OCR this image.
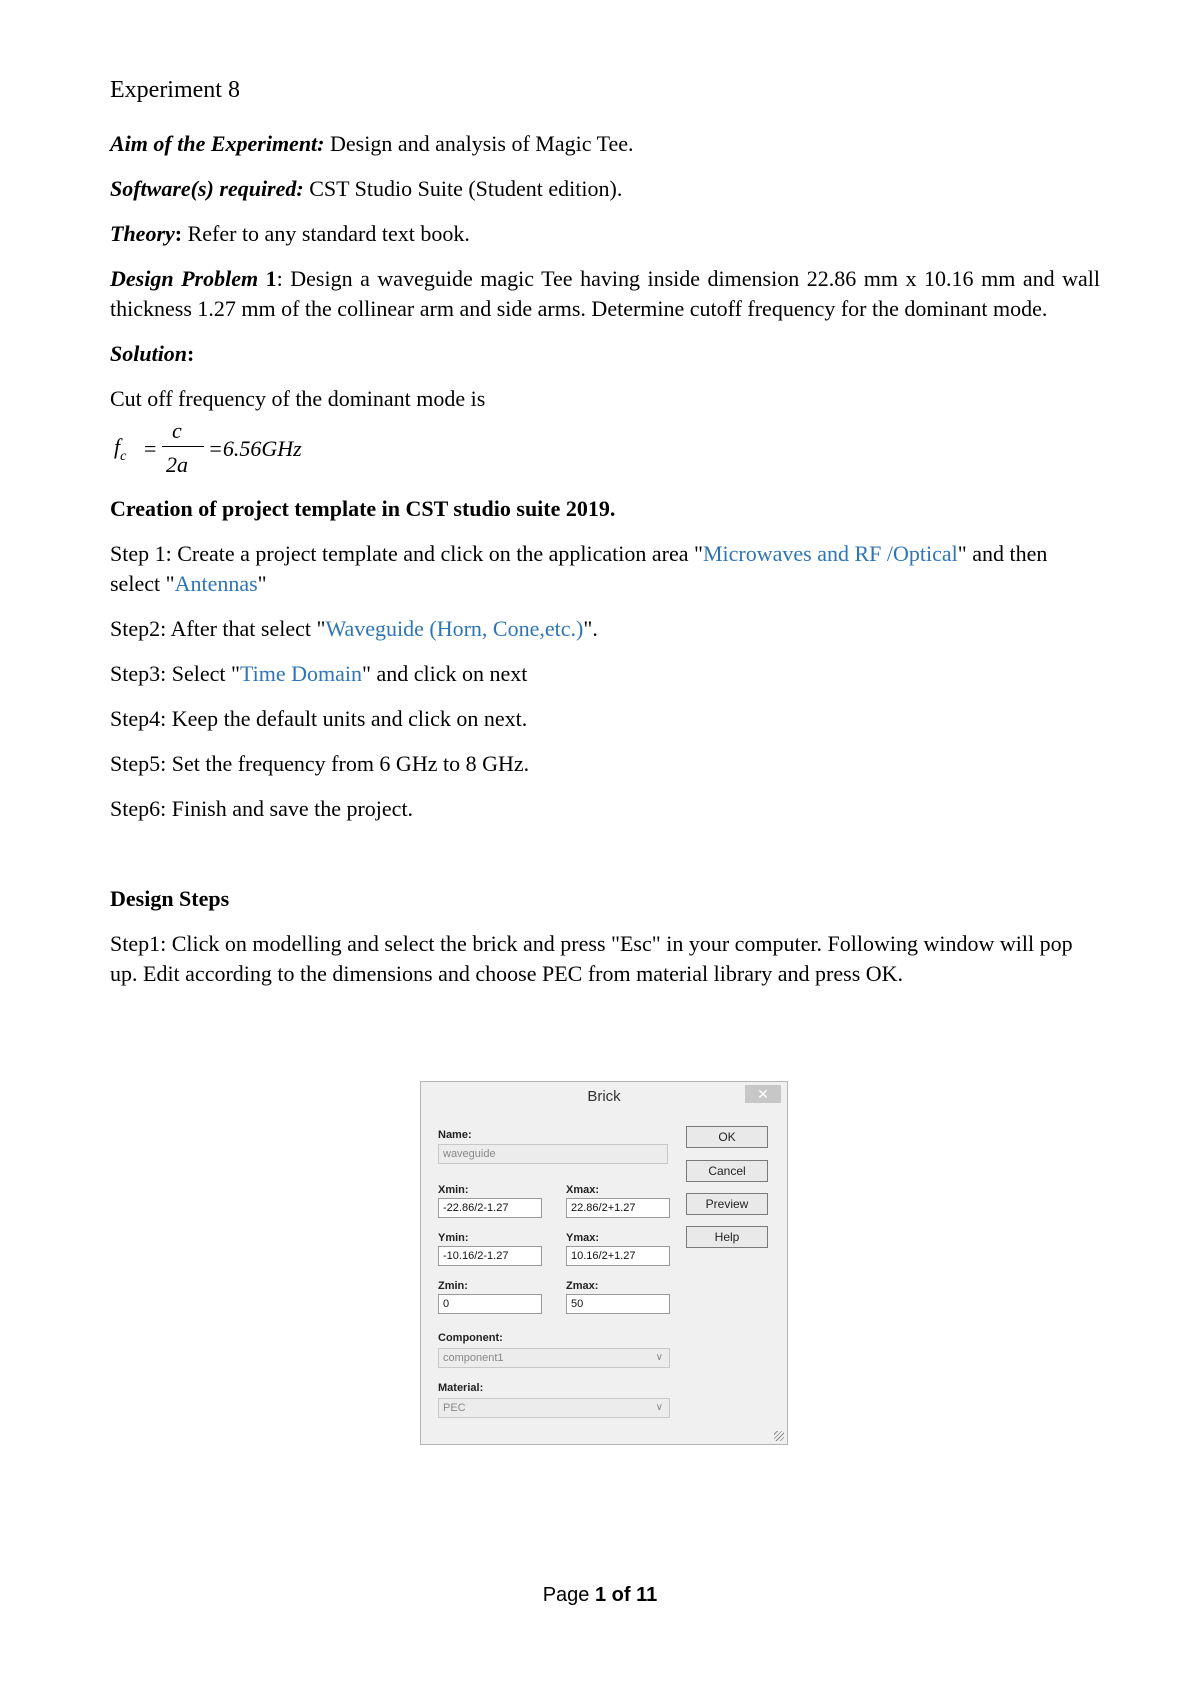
Experiment 8

Aim of the Experiment: Design and analysis of Magic Tee.

Software(s) required: CST Studio Suite (Student edition).

Theory: Refer to any standard text book.

Design Problem 1: Design a waveguide magic Tee having inside dimension 22.86 mm x 10.16 mm and wall thickness 1.27 mm of the collinear arm and side arms. Determine cutoff frequency for the dominant mode.

Solution:

Cut off frequency of the dominant mode is

$f_c$ =
c
2a
=6.56GHz

Creation of project template in CST studio suite 2019.

Step 1: Create a project template and click on the application area "Microwaves and RF /Optical" and then select "Antennas"

Step2: After that select "Waveguide (Horn, Cone,etc.)".

Step3: Select "Time Domain" and click on next

Step4: Keep the default units and click on next.

Step5: Set the frequency from 6 GHz to 8 GHz.

Step6: Finish and save the project.

Design Steps

Step1: Click on modelling and select the brick and press "Esc" in your computer. Following window will pop up. Edit according to the dimensions and choose PEC from material library and press OK.

Brick	✕
Name:
waveguide
Xmin:
-22.86/2-1.27
Xmax:
22.86/2+1.27
Ymin:
-10.16/2-1.27
Ymax:
10.16/2+1.27
Zmin:
0
Zmax:
50
Component:
component1 ∨
Material:
PEC ∨
OK
Cancel
Preview
Help
Page 1 of 11
